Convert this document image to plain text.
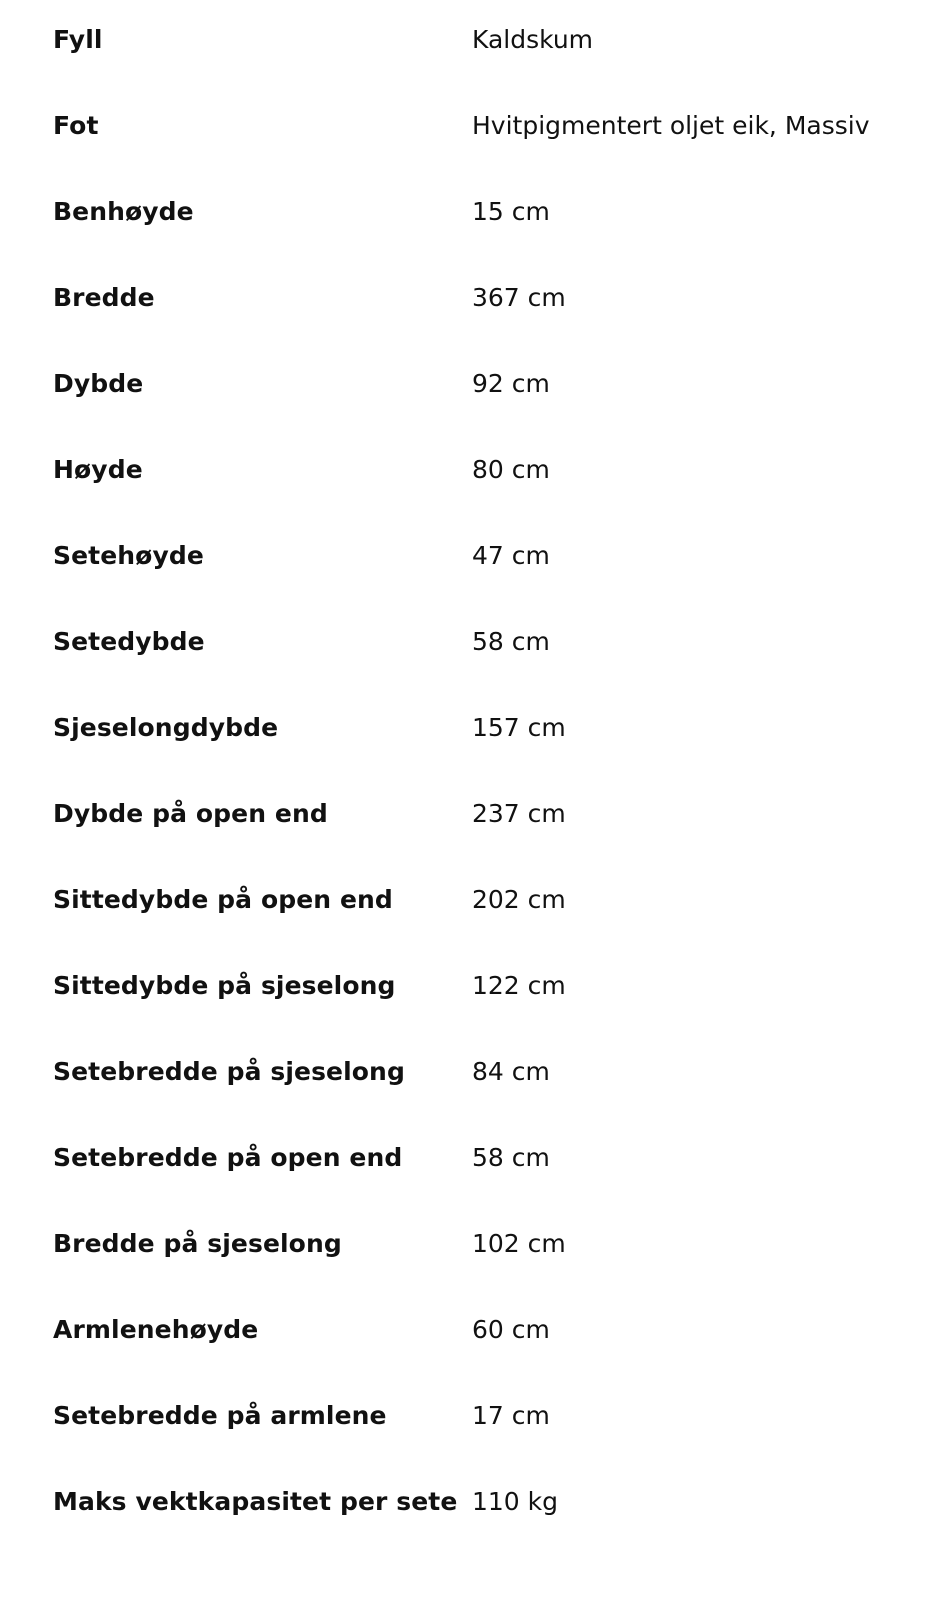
Fyll	Kaldskum
Fot	Hvitpigmentert oljet eik, Massiv
Benhøyde	15 cm
Bredde	367 cm
Dybde	92 cm
Høyde	80 cm
Setehøyde	47 cm
Setedybde	58 cm
Sjeselongdybde	157 cm
Dybde på open end	237 cm
Sittedybde på open end	202 cm
Sittedybde på sjeselong	122 cm
Setebredde på sjeselong	84 cm
Setebredde på open end	58 cm
Bredde på sjeselong	102 cm
Armlenehøyde	60 cm
Setebredde på armlene	17 cm
Maks vektkapasitet per sete 110 kg
